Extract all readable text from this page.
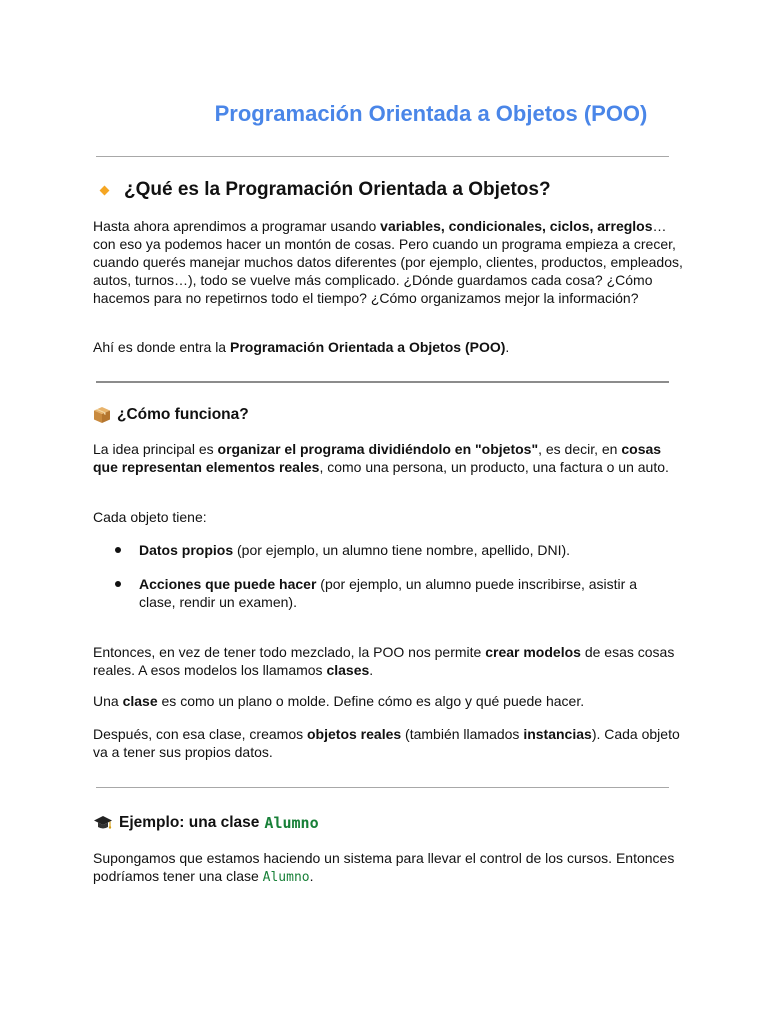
Programación Orientada a Objetos (POO)
¿Qué es la Programación Orientada a Objetos?

Hasta ahora aprendimos a programar usando variables, condicionales, ciclos, arreglos… con eso ya podemos hacer un montón de cosas. Pero cuando un programa empieza a crecer, cuando querés manejar muchos datos diferentes (por ejemplo, clientes, productos, empleados, autos, turnos…), todo se vuelve más complicado. ¿Dónde guardamos cada cosa? ¿Cómo hacemos para no repetirnos todo el tiempo? ¿Cómo organizamos mejor la información?

Ahí es donde entra la Programación Orientada a Objetos (POO).

¿Cómo funciona?

La idea principal es organizar el programa dividiéndolo en "objetos", es decir, en cosas que representan elementos reales, como una persona, un producto, una factura o un auto.

Cada objeto tiene:

Datos propios (por ejemplo, un alumno tiene nombre, apellido, DNI).
Acciones que puede hacer (por ejemplo, un alumno puede inscribirse, asistir a clase, rendir un examen).

Entonces, en vez de tener todo mezclado, la POO nos permite crear modelos de esas cosas reales. A esos modelos los llamamos clases.

Una clase es como un plano o molde. Define cómo es algo y qué puede hacer.

Después, con esa clase, creamos objetos reales (también llamados instancias). Cada objeto va a tener sus propios datos.

Ejemplo: una clase Alumno

Supongamos que estamos haciendo un sistema para llevar el control de los cursos. Entonces podríamos tener una clase Alumno.
